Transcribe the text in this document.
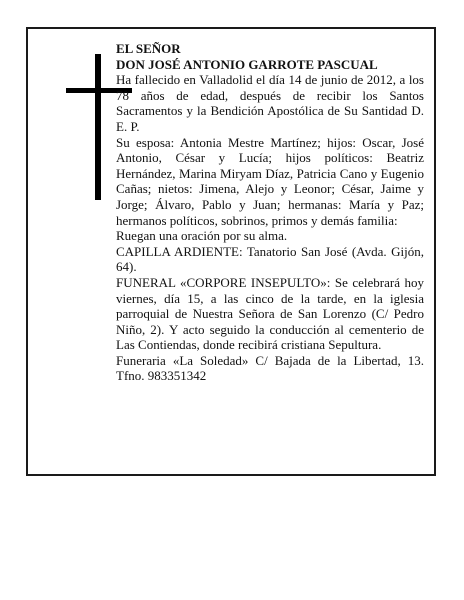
EL SEÑOR

DON JOSÉ ANTONIO GARROTE PASCUAL

Ha fallecido en Valladolid el día 14 de junio de 2012, a los 78 años de edad, después de recibir los Santos Sacramentos y la Bendición Apostólica de Su Santidad D. E. P.

Su esposa: Antonia Mestre Martínez; hijos: Oscar, José Antonio, César y Lucía; hijos políticos: Beatriz Hernández, Marina Miryam Díaz, Patricia Cano y Eugenio Cañas; nietos: Jimena, Alejo y Leonor; César, Jaime y Jorge; Álvaro, Pablo y Juan; hermanas: María y Paz; hermanos políticos, sobrinos, primos y demás familia:

Ruegan una oración por su alma.

CAPILLA ARDIENTE: Tanatorio San José (Avda. Gijón, 64).

FUNERAL «CORPORE INSEPULTO»: Se celebrará hoy viernes, día 15, a las cinco de la tarde, en la iglesia parroquial de Nuestra Señora de San Lorenzo (C/ Pedro Niño, 2). Y acto seguido la conducción al cementerio de Las Contiendas, donde recibirá cristiana Sepultura.

Funeraria «La Soledad» C/ Bajada de la Libertad, 13. Tfno. 983351342
